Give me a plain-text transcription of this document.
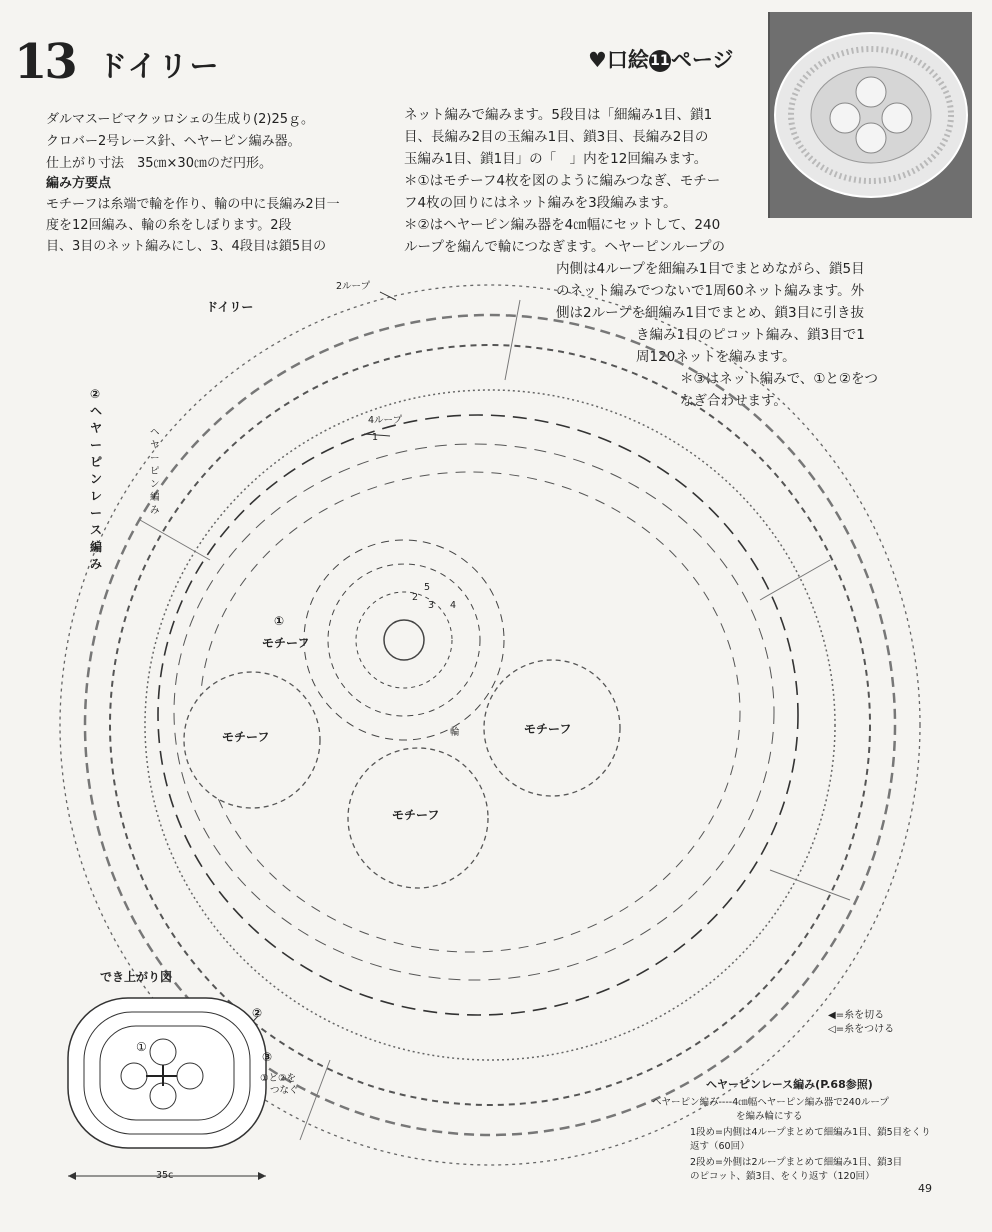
13 ドイリー	♥口絵11ページ
ダルマスービマクッロシェの生成り(2)25ｇ。
クロバー2号レース針、ヘヤーピン編み器。
仕上がり寸法　35㎝×30㎝のだ円形。
編み方要点
モチーフは糸端で輪を作り、輪の中に長編み2目一
度を12回編み、輪の糸をしぼります。2段
目、3目のネット編みにし、3、4段目は鎖5目の
ネット編みで編みます。5段目は「細編み1目、鎖1
目、長編み2目の玉編み1目、鎖3目、長編み2目の
玉編み1目、鎖1目」の「　」内を12回編みます。
＊①はモチーフ4枚を図のように編みつなぎ、モチー
フ4枚の回りにはネット編みを3段編みます。
＊②はヘヤーピン編み器を4㎝幅にセットして、240
ループを編んで輪につなぎます。ヘヤーピンループの
内側は4ループを細編み1目でまとめながら、鎖5目
のネット編みでつないで1周60ネット編みます。外
側は2ループを細編み1目でまとめ、鎖3目に引き抜
き編み1目のピコット編み、鎖3目で1
周120ネットを編みます。
＊③はネット編みで、①と②をつ
なぎ合わせます。
ドイリー
2ループ
4ループ
②ヘヤーピンレース編み
ヘヤーピン編み
①
モチーフ
モチーフ
モチーフ
モチーフ
輪
1
2
3 4
5
でき上がり図
①
②
③
①と②を
つなぐ
35c
◀=糸を切る
◁=糸をつける
ヘヤーピンレース編み(P.68参照)
ヘヤーピン編み----4㎝幅ヘヤーピン編み器で240ループ
を編み輪にする
1段め=内側は4ループまとめて細編み1目、鎖5目をくり
返す（60回）
2段め=外側は2ループまとめて細編み1目、鎖3目
のピコット、鎖3目、をくり返す（120回）
49
